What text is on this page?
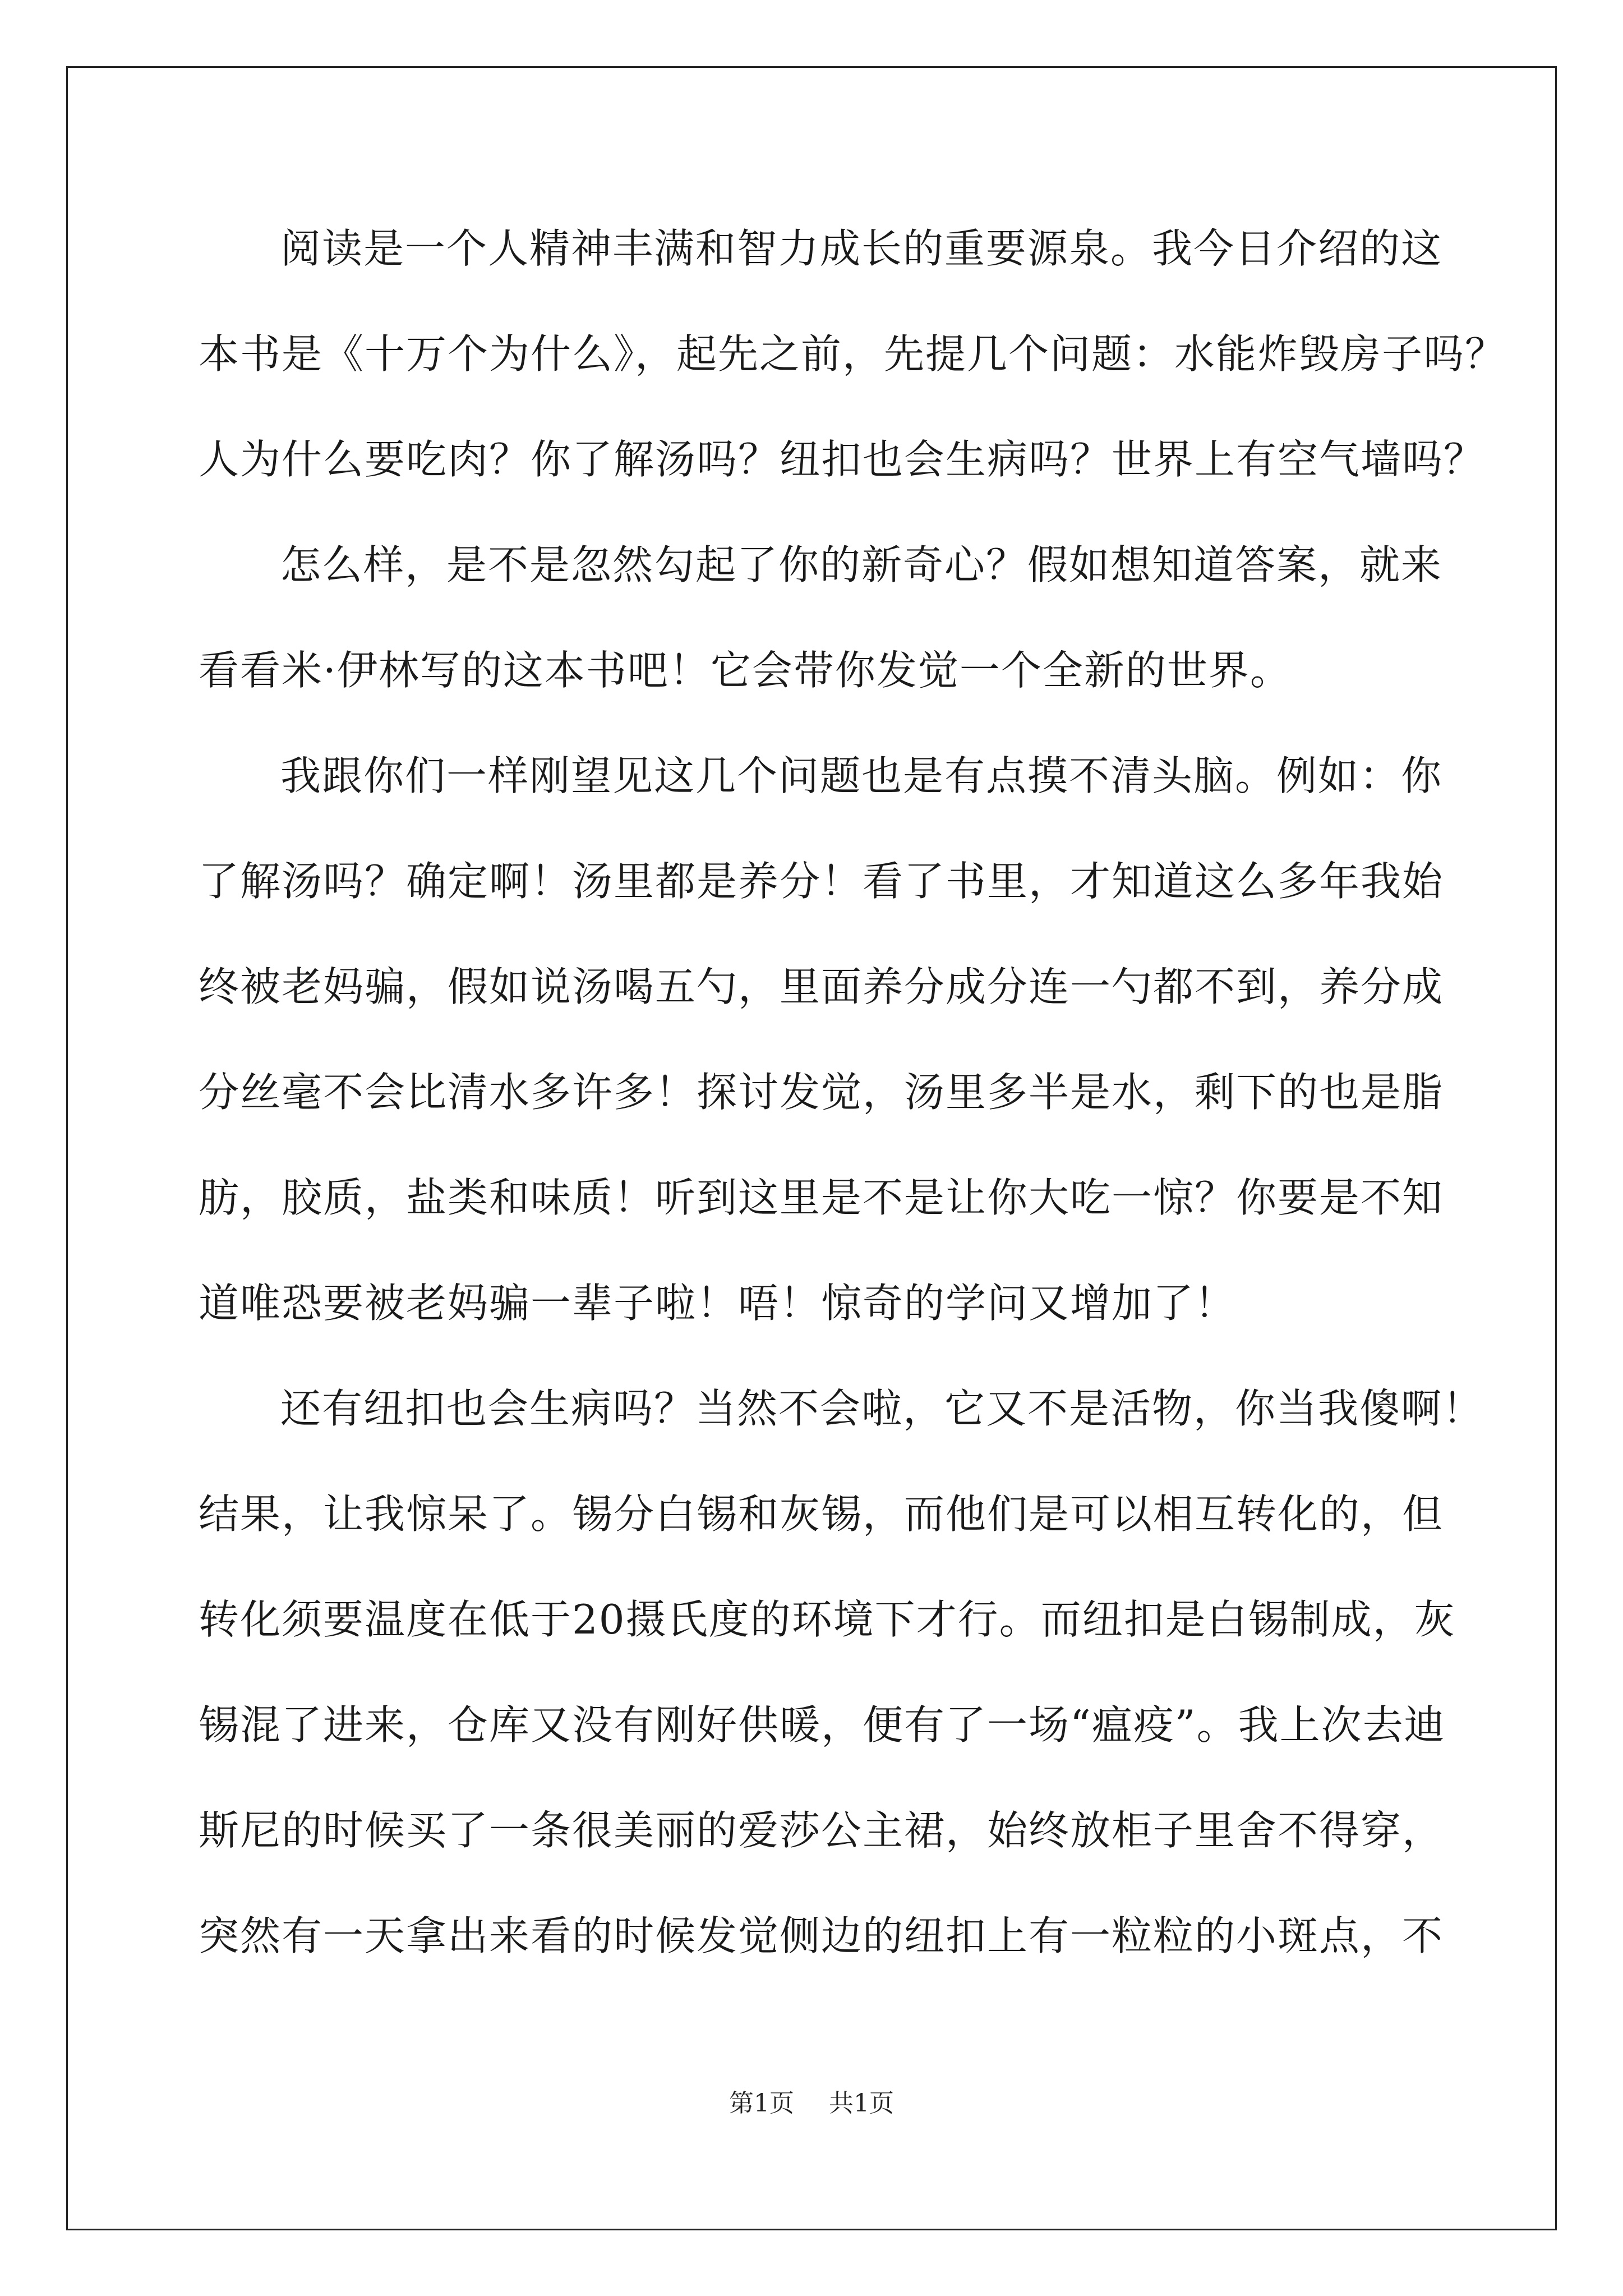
阅读是一个人精神丰满和智力成长的重要源泉。我今日介绍的这
本书是《十万个为什么》，起先之前，先提几个问题：水能炸毁房子吗？
人为什么要吃肉？你了解汤吗？纽扣也会生病吗？世界上有空气墙吗？
怎么样，是不是忽然勾起了你的新奇心？假如想知道答案，就来
看看米·伊林写的这本书吧！它会带你发觉一个全新的世界。
我跟你们一样刚望见这几个问题也是有点摸不清头脑。例如：你
了解汤吗？确定啊！汤里都是养分！看了书里，才知道这么多年我始
终被老妈骗，假如说汤喝五勺，里面养分成分连一勺都不到，养分成
分丝毫不会比清水多许多！探讨发觉，汤里多半是水，剩下的也是脂
肪，胶质，盐类和味质！听到这里是不是让你大吃一惊？你要是不知
道唯恐要被老妈骗一辈子啦！唔！惊奇的学问又增加了！
还有纽扣也会生病吗？当然不会啦，它又不是活物，你当我傻啊！
结果，让我惊呆了。锡分白锡和灰锡，而他们是可以相互转化的，但
转化须要温度在低于20摄氏度的环境下才行。而纽扣是白锡制成，灰
锡混了进来，仓库又没有刚好供暖，便有了一场“瘟疫”。我上次去迪
斯尼的时候买了一条很美丽的爱莎公主裙，始终放柜子里舍不得穿，
突然有一天拿出来看的时候发觉侧边的纽扣上有一粒粒的小斑点，不
第1页 共1页
